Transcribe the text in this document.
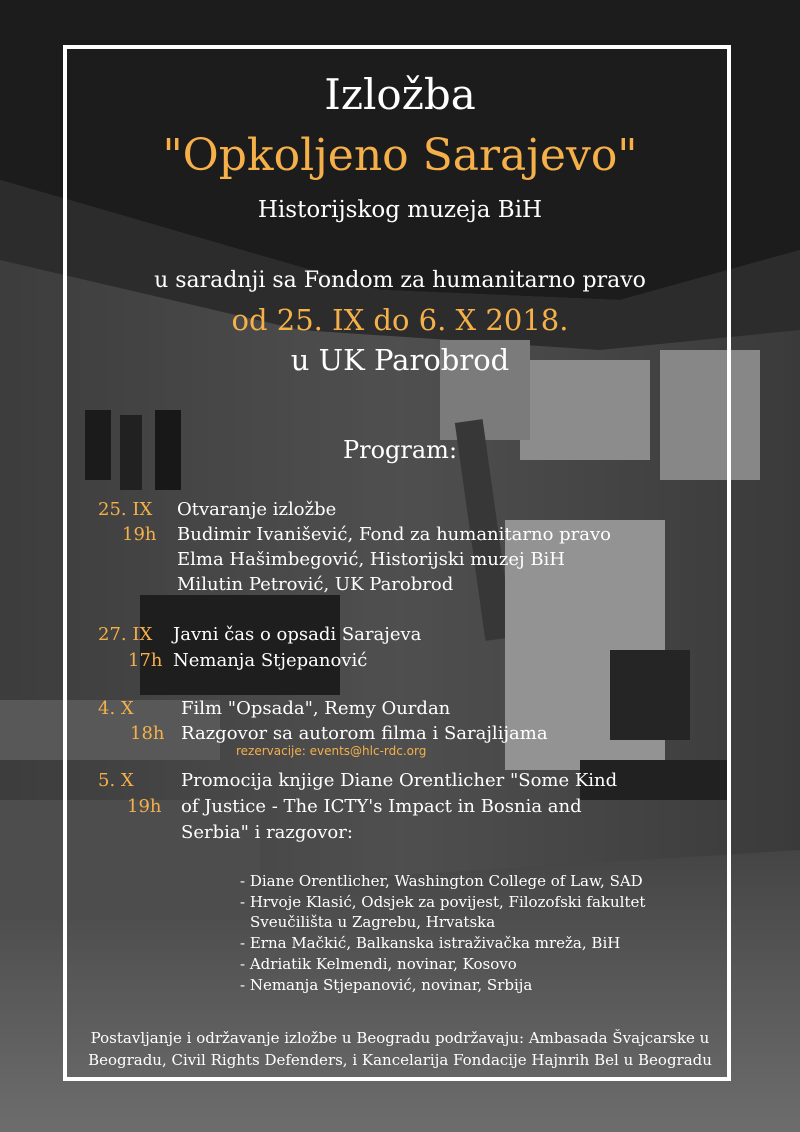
Izložba
"Opkoljeno Sarajevo"
Historijskog muzeja BiH
u saradnji sa Fondom za humanitarno pravo
od 25. IX do 6. X 2018.
u UK Parobrod
Program:
25. IX
19h
Otvaranje izložbe
Budimir Ivanišević, Fond za humanitarno pravo
Elma Hašimbegović, Historijski muzej BiH
Milutin Petrović, UK Parobrod
27. IX
17h
Javni čas o opsadi Sarajeva
Nemanja Stjepanović
4. X
18h
Film "Opsada", Remy Ourdan
Razgovor sa autorom filma i Sarajlijama
rezervacije: events@hlc-rdc.org
5. X
19h
Promocija knjige Diane Orentlicher "Some Kind
of Justice - The ICTY's Impact in Bosnia and
Serbia" i razgovor:
- Diane Orentlicher, Washington College of Law, SAD
- Hrvoje Klasić, Odsjek za povijest, Filozofski fakultet
Sveučilišta u Zagrebu, Hrvatska
- Erna Mačkić, Balkanska istraživačka mreža, BiH
- Adriatik Kelmendi, novinar, Kosovo
- Nemanja Stjepanović, novinar, Srbija
Postavljanje i održavanje izložbe u Beogradu podržavaju: Ambasada Švajcarske u
Beogradu, Civil Rights Defenders, i Kancelarija Fondacije Hajnrih Bel u Beogradu
